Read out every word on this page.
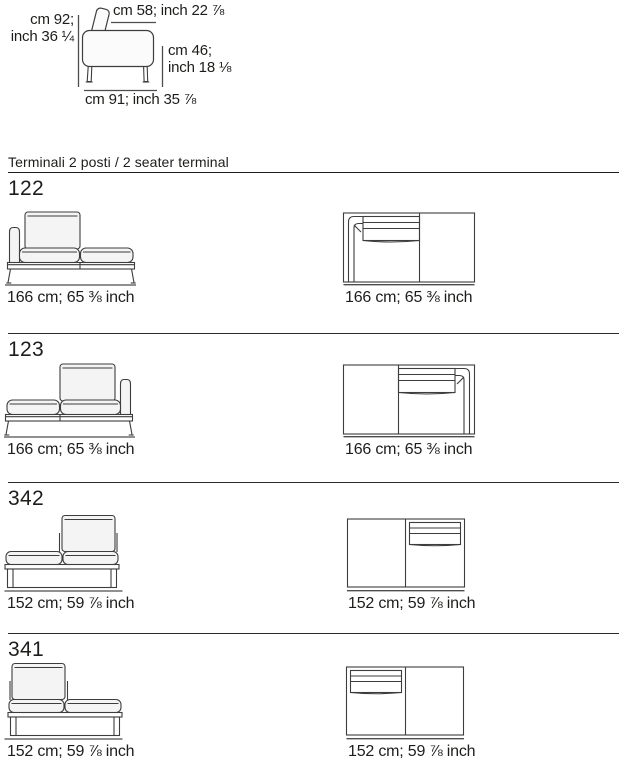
cm 58; inch 22 ⅞
cm 92;
inch 36 ¼
cm 46;
inch 18 ⅛
cm 91; inch 35 ⅞
Terminali 2 posti / 2 seater terminal
122
166 cm; 65 ⅜ inch	166 cm; 65 ⅜ inch
123
166 cm; 65 ⅜ inch	166 cm; 65 ⅜ inch
342
152 cm; 59 ⅞ inch	152 cm; 59 ⅞ inch
341
152 cm; 59 ⅞ inch	152 cm; 59 ⅞ inch
